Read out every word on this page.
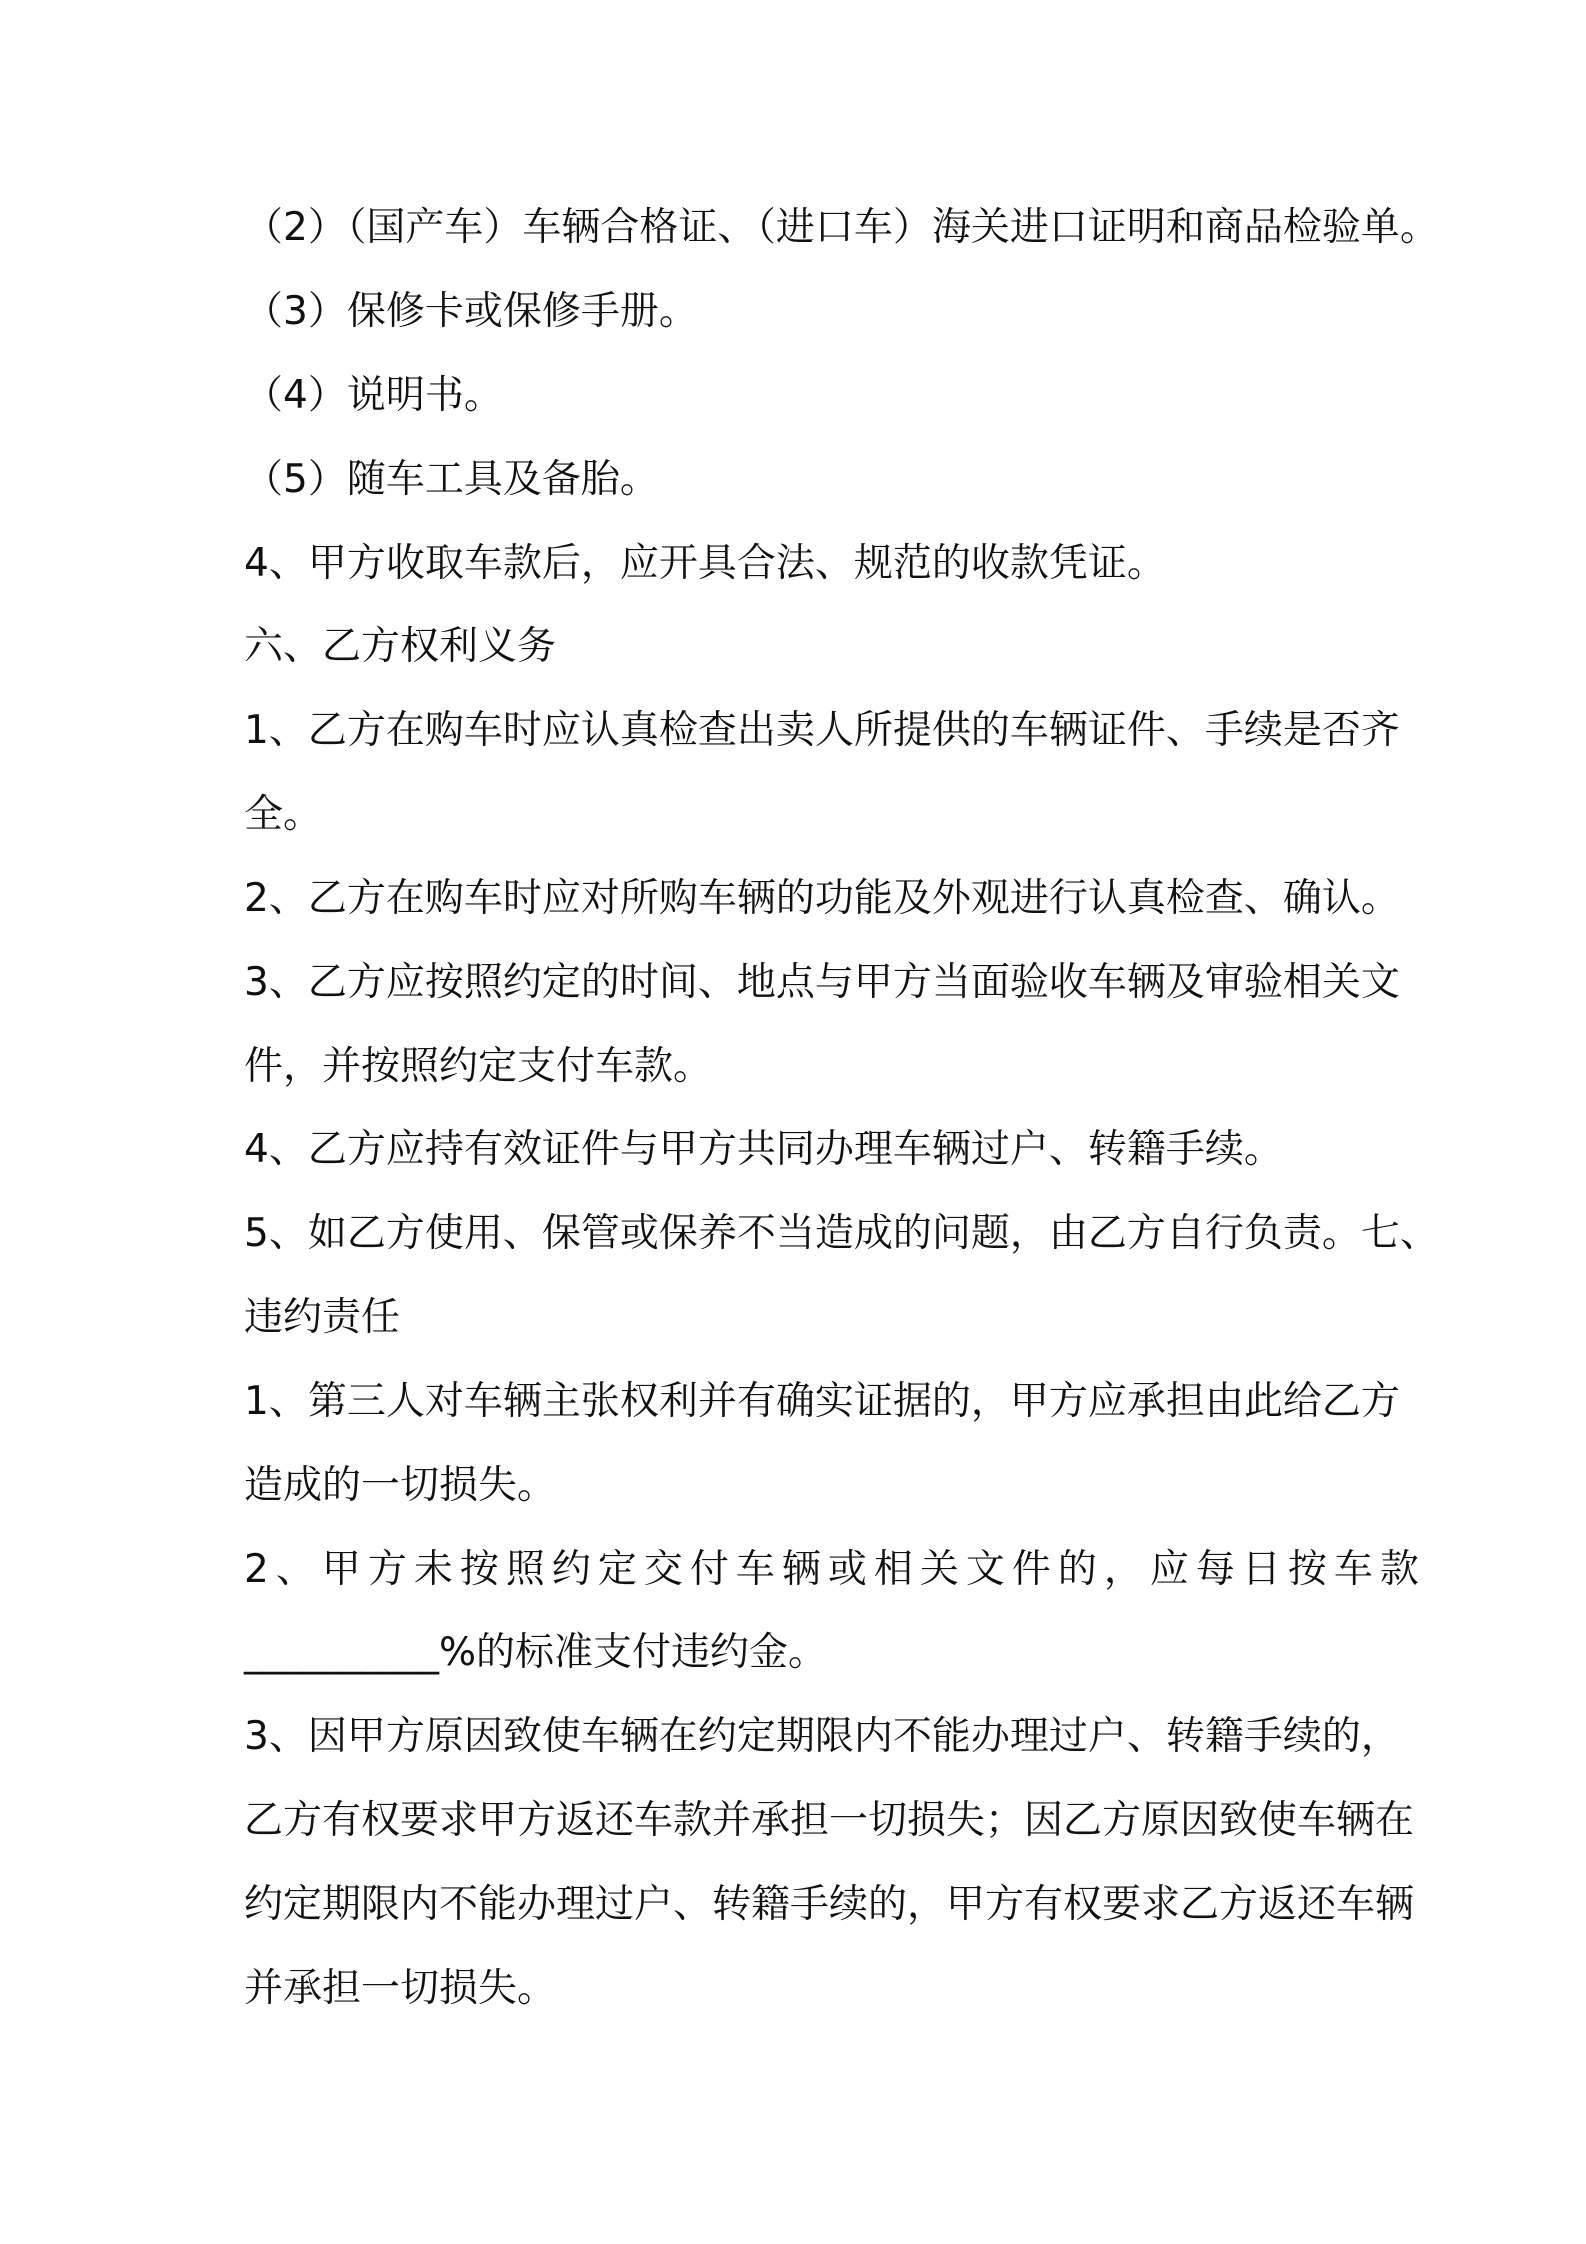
（2）（国产车）车辆合格证、（进口车）海关进口证明和商品检验单。
（3）保修卡或保修手册。
（4）说明书。
（5）随车工具及备胎。
4、甲方收取车款后，应开具合法、规范的收款凭证。
六、乙方权利义务
1、乙方在购车时应认真检查出卖人所提供的车辆证件、手续是否齐
全。
2、乙方在购车时应对所购车辆的功能及外观进行认真检查、确认。
3、乙方应按照约定的时间、地点与甲方当面验收车辆及审验相关文
件，并按照约定支付车款。
4、乙方应持有效证件与甲方共同办理车辆过户、转籍手续。
5、如乙方使用、保管或保养不当造成的问题，由乙方自行负责。七、
违约责任
1、第三人对车辆主张权利并有确实证据的，甲方应承担由此给乙方
造成的一切损失。
2、甲方未按照约定交付车辆或相关文件的，应每日按车款
__________%的标准支付违约金。
3、因甲方原因致使车辆在约定期限内不能办理过户、转籍手续的，
乙方有权要求甲方返还车款并承担一切损失；因乙方原因致使车辆在
约定期限内不能办理过户、转籍手续的，甲方有权要求乙方返还车辆
并承担一切损失。
